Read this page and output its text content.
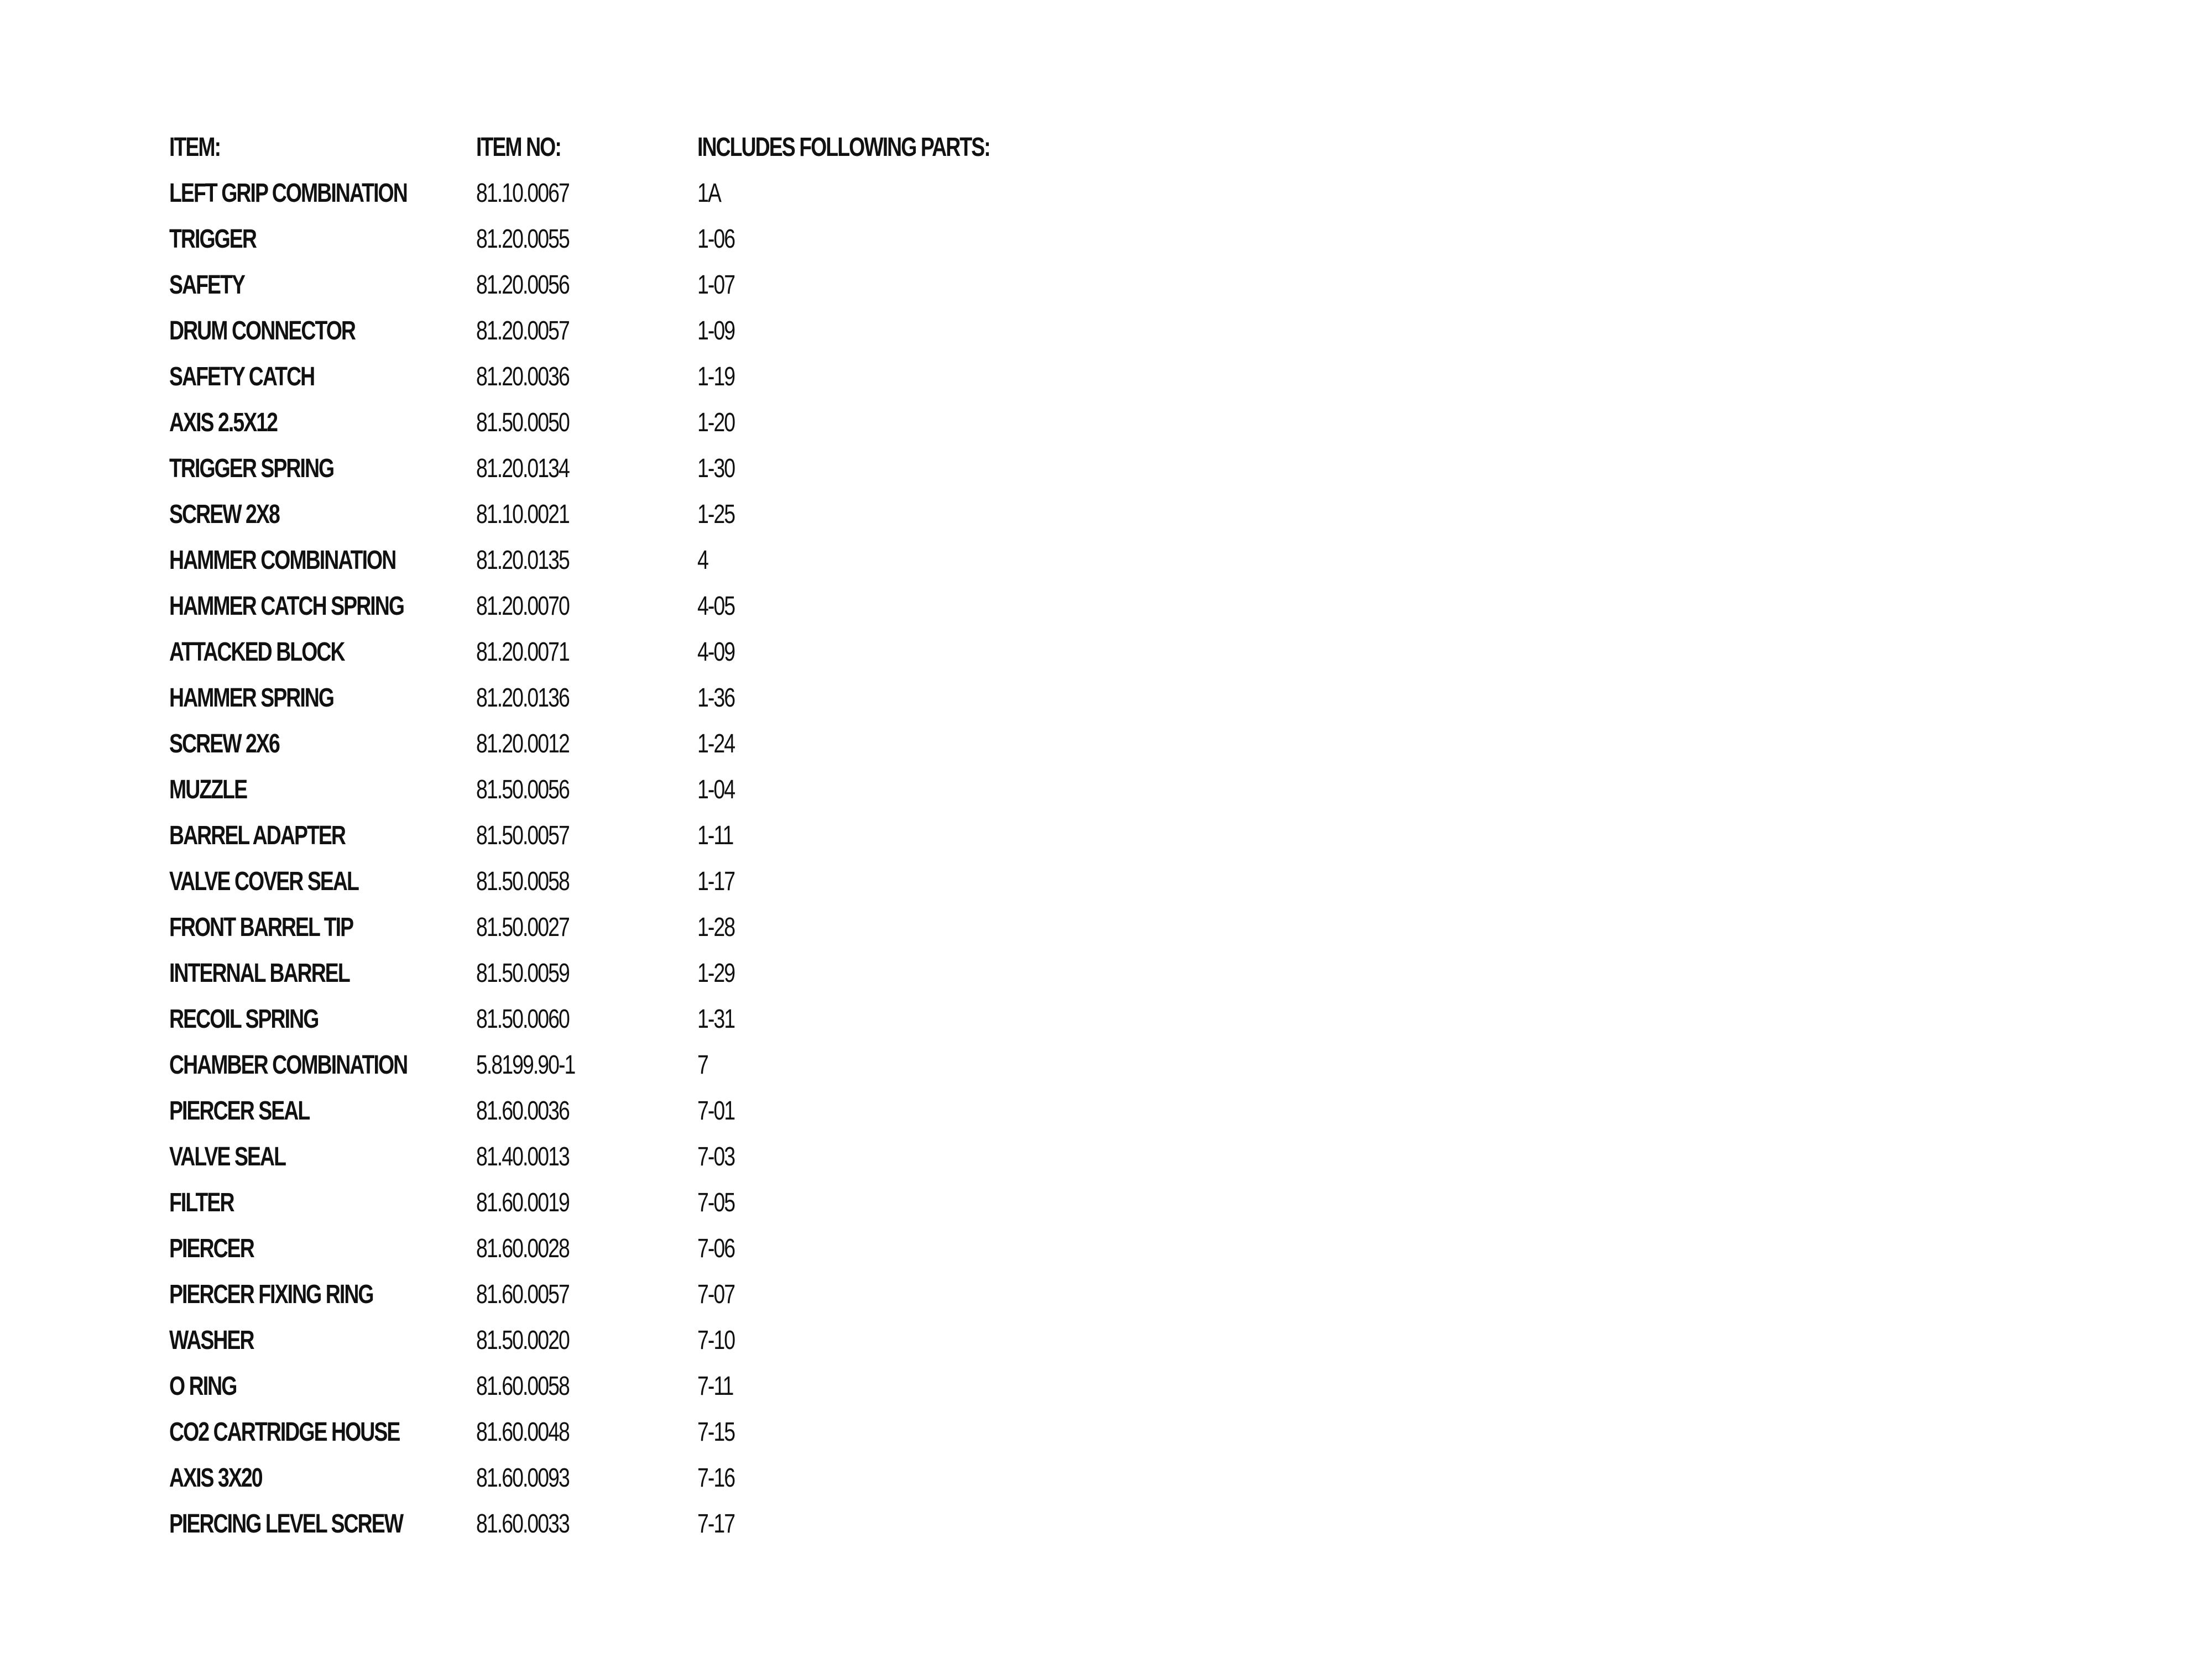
ITEM:	ITEM NO:	INCLUDES FOLLOWING PARTS:
LEFT GRIP COMBINATION	81.10.0067	1A
TRIGGER	81.20.0055	1-06
SAFETY	81.20.0056	1-07
DRUM CONNECTOR	81.20.0057	1-09
SAFETY CATCH	81.20.0036	1-19
AXIS 2.5X12	81.50.0050	1-20
TRIGGER SPRING	81.20.0134	1-30
SCREW 2X8	81.10.0021	1-25
HAMMER COMBINATION	81.20.0135	4
HAMMER CATCH SPRING	81.20.0070	4-05
ATTACKED BLOCK	81.20.0071	4-09
HAMMER SPRING	81.20.0136	1-36
SCREW 2X6	81.20.0012	1-24
MUZZLE	81.50.0056	1-04
BARREL ADAPTER	81.50.0057	1-11
VALVE COVER SEAL	81.50.0058	1-17
FRONT BARREL TIP	81.50.0027	1-28
INTERNAL BARREL	81.50.0059	1-29
RECOIL SPRING	81.50.0060	1-31
CHAMBER COMBINATION	5.8199.90-1	7
PIERCER SEAL	81.60.0036	7-01
VALVE SEAL	81.40.0013	7-03
FILTER	81.60.0019	7-05
PIERCER	81.60.0028	7-06
PIERCER FIXING RING	81.60.0057	7-07
WASHER	81.50.0020	7-10
O RING	81.60.0058	7-11
CO2 CARTRIDGE HOUSE	81.60.0048	7-15
AXIS 3X20	81.60.0093	7-16
PIERCING LEVEL SCREW	81.60.0033	7-17
